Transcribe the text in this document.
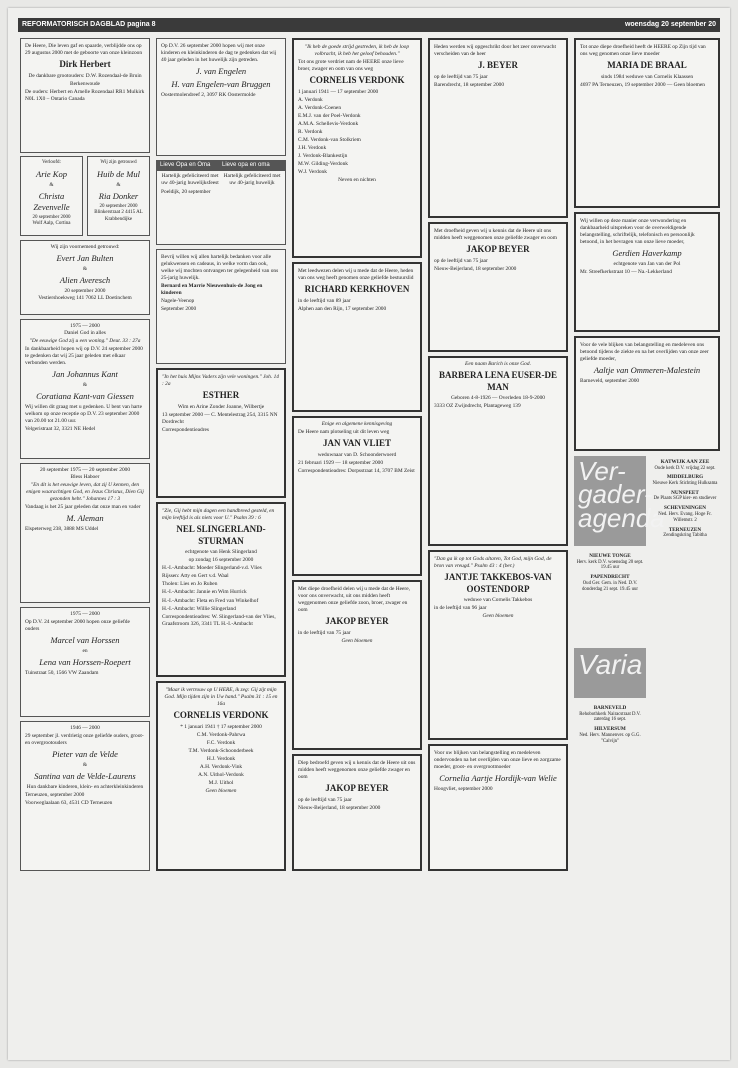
REFORMATORISCH DAGBLAD pagina 8	woensdag 20 september 20

De Heere, Die leven gaf en spaarde, verblijdde ons op 29 augustus 2000 met de geboorte van onze kleinzoon

Dirk Herbert

De dankbare grootouders: D.W. Rozendaal-de Bruin

Berkenwoude

De ouders: Herbert en Arnelle Rozendaal RR1 Mulkirk N0L 1X0 – Ontario Canada

Verloofd:
Arie Kop
&
Christa Zevenvelle
20 september 2000
Wolf Aalp, Cortina
Wij zijn getrouwd
Huib de Mul
&
Ria Donker
20 september 2000
Blinkerstraat 2 4415 AL Krabbendijke
Wij zijn voornemend getrouwd:
Evert Jan Bulten
&
Alien Averesch
20 september 2000
Vestiershoekweg 141 7062 LL Doetinchem
1975 — 2000
Daniel God in alles

"De eeuwige God zij u een woning." Deut. 33 : 27a

In dankbaarheid hopen wij op D.V. 24 september 2000 te gedenken dat wij 25 jaar geleden met elkaar verbonden werden.

Jan Johannus Kant
&
Coratiana Kant-van Giessen

Wij willen dit graag met u gedenken. U bent van harte welkom op onze receptie op D.V. 23 september 2000 van 20.00 tot 21.00 uur.

Velgeristraat 32, 3321 NE Hedel

20 september 1975 — 20 september 2000
Bless Haboer

"En dit is het eeuwige leven, dat zij U kennen, den enigen waarachtigen God, en Jezus Christus, Dien Gij gezonden hebt." Johannes 17 : 3

Vandaag is het 25 jaar geleden dat onze man en vader

M. Aleman

Elspeterweg 238, 3888 MS Uddel

1975 — 2000

Op D.V. 24 september 2000 hopen onze geliefde ouders

Marcel van Horssen
en
Lena van Horssen-Roepert

Tuinstraat 50, 1566 VW Zaandam

1946 — 2000

29 september jl. verdrietig onze geliefde ouders, groot- en overgrootouders

Pieter van de Velde
&
Santina van de Velde-Laurens

Hun dankbare kinderen, klein- en achterkleinkinderen

Terneuzen, september 2000

Voorweglaalaan 63, 4531 CD Terneuzen

Op D.V. 26 september 2000 hopen wij met onze kinderen en kleinkinderen de dag te gedenken dat wij 40 jaar geleden in het huwelijk zijn getreden.

J. van Engelen
H. van Engelen-van Bruggen

Oostermolendreef 2, 3097 RK Oostermolde

Lieve Opa en Oma

Hartelijk gefeliciteerd met uw 40-jarig huwelijksfeest

Lieve opa en oma

Hartelijk gefeliciteerd met uw 40-jarig huwelijk

Poeldijk, 20 september

Bevrij willen wij allen hartelijk bedanken voor alle gelukwensen en cadeaus, in welke vorm dan ook, welke wij mochten ontvangen ter gelegenheid van ons 25-jarig huwelijk.

Bernard en Marrie Nieuwenhuis-de Jong en kinderen

Nagele-Veenop

September 2000

"In het huis Mijns Vaders zijn vele woningen." Joh. 14 : 2a

ESTHER

Wim en Arine Zonder Joanne, Wilbertje

13 september 2000 — C. Mentelestrag 254, 3315 NN Dordrecht

Correspondentieadres

"Zie, Gij hebt mijn dagen een handbreed gesteld, en mijn leeftijd is als niets voor U." Psalm 39 : 6

NEL SLINGERLAND-STURMAN

echtgenote van Henk Slingerland

op zondag 16 september 2000

H.-I.-Ambacht: Moeder Slingerland-v.d. Vlies

Rijssen: Atty en Gert v.d. Waal

Tholen: Lies en Jo Ruben

H.-I.-Ambacht: Jannie en Wim Hurrick

H.-I.-Ambacht: Fleta en Fred van Winkelhof

H.-I.-Ambacht: Willie Slingerland

Correspondentieadres: W. Slingerland-van der Vlies, Graafstroom 326, 3341 TL H.-I.-Ambacht

"Maar ik vertrouw op U HERE, ik zeg: Gij zijt mijn God. Mijn tijden zijn in Uw hand." Psalm 31 : 15 en 16a

CORNELIS VERDONK

* 1 januari 1941 † 17 september 2000

C.M. Verdonk-Pahrwa

F.C. Verdonk

T.M. Verdonk-Schoonderbeek

H.J. Verdonk

A.H. Verdonk-Vink

A.N. Uithol-Verdonk

M.J. Uithol

Geen bloemen

"Ik heb de goede strijd gestreden, ik heb de loop volbracht, ik heb het geloof behouden."

Tot ons grote verdriet nam de HEERE onze lieve broer, zwager en oom van ons weg

CORNELIS VERDONK

1 januari 1941 — 17 september 2000

A. Verdonk

A. Verdonk-Coenen

E.M.J. van der Poel-Verdonk

A.M.A. Schellevis-Verdonk

R. Verdonk

C.M. Verdonk-van Stolkriem

J.H. Verdonk

J. Verdonk-Blankestijn

M.W. Gilding-Verdonk

W.J. Verdonk

Neven en nichten

Met leedwezen delen wij u mede dat de Heere, heden van ons weg heeft genomen onze geliefde bestuurslid

RICHARD KERKHOVEN

in de leeftijd van 89 jaar

Alphen aan den Rijn, 17 september 2000

Enige en algemene kennisgeving

De Heere nam plotseling uit dit leven weg

JAN VAN VLIET

weduwnaar van D. Schoonderwoerd

21 februari 1929 — 18 september 2000

Correspondentieadres: Dorpsstraat 14, 3707 BM Zeist

Met diepe droefheid delen wij u mede dat de Heere, voor ons onverwacht, uit ons midden heeft weggenomen onze geliefde zoon, broer, zwager en oom

JAKOP BEYER

in de leeftijd van 75 jaar

Geen bloemen

Diep bedroefd geven wij u kennis dat de Heere uit ons midden heeft weggenomen onze geliefde zwager en oom

JAKOP BEYER

op de leeftijd van 75 jaar

Nieuw-Beijerland, 18 september 2000

Heden werden wij opgeschrikt door het zeer onverwacht verscheiden van de heer

J. BEYER

op de leeftijd van 75 jaar

Barendrecht, 18 september 2000

Met droefheid geven wij u kennis dat de Heere uit ons midden heeft weggenomen onze geliefde zwager en oom

JAKOP BEYER

op de leeftijd van 75 jaar

Nieuw-Beijerland, 18 september 2000

Een naam Barich is onze God.
BARBERA LENA EUSER-DE MAN

Geboren 4-8-1926 — Overleden 18-9-2000

3333 OZ Zwijndrecht, Plantageweg 139

"Dan ga ik op tot Gods altaren, Tot God, mijn God, de bron van vreugd." Psalm 43 : 4 (ber.)

JANTJE TAKKEBOS-VAN OOSTENDORP

weduwe van Cornelis Takkebos

in de leeftijd van 96 jaar

Geen bloemen

Voor uw blijken van belangstelling en medeleven ondervonden na het overlijden van onze lieve en zorgzame moeder, groot- en overgrootmoeder

Cornelia Aartje Hordijk-van Welie

Hoogvliet, september 2000

Tot onze diepe droefheid heeft de HEERE op Zijn tijd van ons weg genomen onze lieve moeder

MARIA DE BRAAL

sinds 1984 weduwe van Cornelis Klaassen

4697 PA Terneuzen, 19 september 2000 — Geen bloemen

Wij willen op deze manier onze verwondering en dankbaarheid uitspreken voor de overweldigende belangstelling, schriftelijk, telefonisch en persoonlijk betoond, in het bevragen van onze lieve moeder,

Gerdien Haverkamp

echtgenote van Jan van der Pol

Mr. Streefkerkstraat 10 — Na.-Lekkerland

Voor de vele blijken van belangstelling en medeleven ons betoond tijdens de ziekte en na het overlijden van onze zeer geliefde moeder,

Aaltje van Ommeren-Malestein

Barneveld, september 2000

Ver-gader-agenda
Varia
NIEUWE TONGE
Herv. kerk D.V. woensdag 20 sept. 19.45 uur
PAPENDRECHT
Oud Ger. Gem. in Ned. D.V. donderdag 21 sept. 19.45 uur
BARNEVELD
Rehobothkerk Nairacstraat D.V. zaterdag 16 sept.
HILVERSUM
Ned. Herv. Mannenver. op G.G. "Calvijn"
KATWIJK AAN ZEE
Oude kerk D.V. vrijdag 22 sept.
MIDDELBURG
Nieuwe Kerk Stichting Hulksama
NUNSPEET
De Plaats SGP kier- en studiever
SCHEVENINGEN
Ned. Herv. Evang. Hoge Fr. Willemstr. 2
TERNEUZEN
Zendingskring Tabitha
